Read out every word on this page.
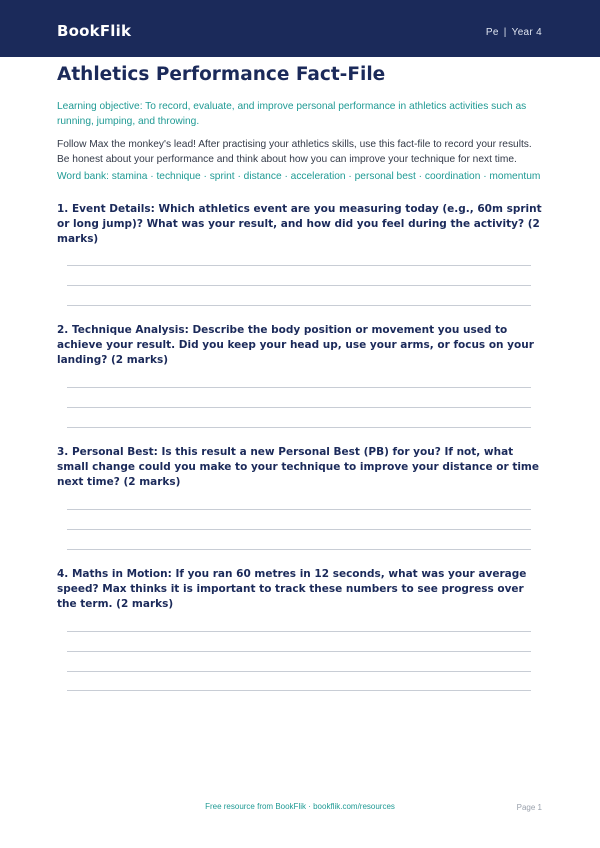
BookFlik	Pe | Year 4
Athletics Performance Fact-File
Learning objective: To record, evaluate, and improve personal performance in athletics activities such as running, jumping, and throwing.
Follow Max the monkey's lead! After practising your athletics skills, use this fact-file to record your results. Be honest about your performance and think about how you can improve your technique for next time.
Word bank: stamina · technique · sprint · distance · acceleration · personal best · coordination · momentum
1. Event Details: Which athletics event are you measuring today (e.g., 60m sprint or long jump)? What was your result, and how did you feel during the activity? (2 marks)
2. Technique Analysis: Describe the body position or movement you used to achieve your result. Did you keep your head up, use your arms, or focus on your landing? (2 marks)
3. Personal Best: Is this result a new Personal Best (PB) for you? If not, what small change could you make to your technique to improve your distance or time next time? (2 marks)
4. Maths in Motion: If you ran 60 metres in 12 seconds, what was your average speed? Max thinks it is important to track these numbers to see progress over the term. (2 marks)
Free resource from BookFlik · bookflik.com/resources	Page 1
